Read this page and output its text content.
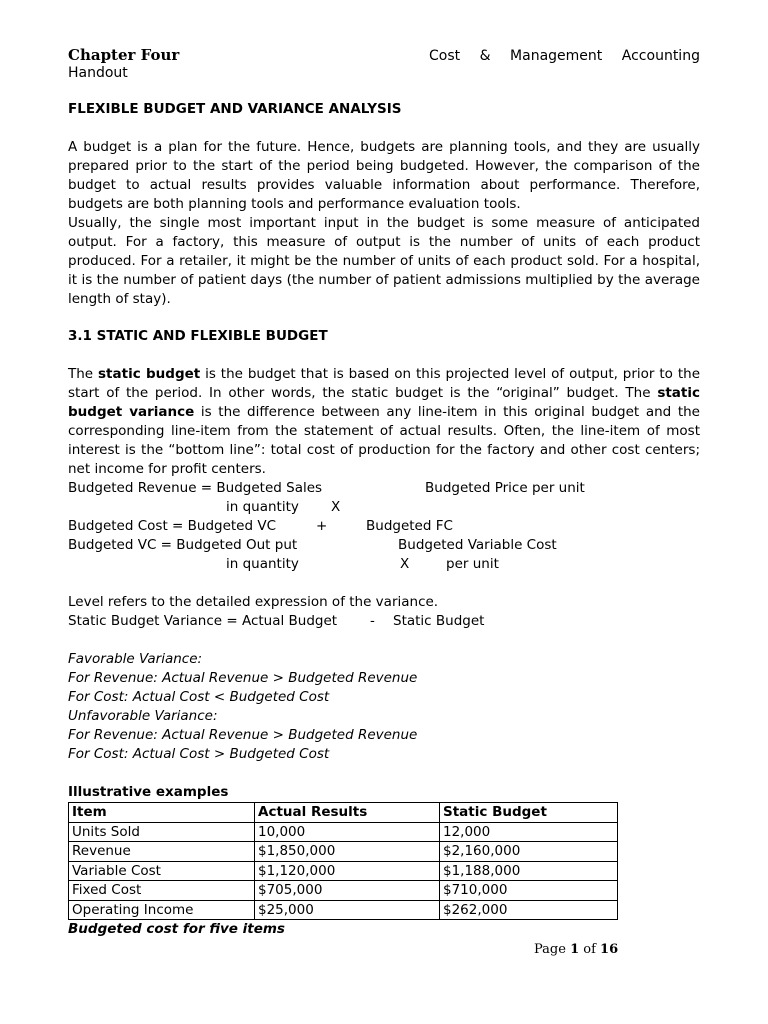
Chapter Four	Cost & Management Accounting
Handout
FLEXIBLE BUDGET AND VARIANCE ANALYSIS

A budget is a plan for the future. Hence, budgets are planning tools, and they are usually prepared prior to the start of the period being budgeted. However, the comparison of the budget to actual results provides valuable information about performance. Therefore, budgets are both planning tools and performance evaluation tools.

Usually, the single most important input in the budget is some measure of anticipated output. For a factory, this measure of output is the number of units of each product produced. For a retailer, it might be the number of units of each product sold. For a hospital, it is the number of patient days (the number of patient admissions multiplied by the average length of stay).

3.1 STATIC AND FLEXIBLE BUDGET

The static budget is the budget that is based on this projected level of output, prior to the start of the period. In other words, the static budget is the “original” budget. The static budget variance is the difference between any line-item in this original budget and the corresponding line-item from the statement of actual results. Often, the line-item of most interest is the “bottom line”: total cost of production for the factory and other cost centers; net income for profit centers.

Budgeted Revenue = Budgeted Sales

	Budgeted Price per unit

in quantity

X

Budgeted Cost = Budgeted VC

	+

	Budgeted FC

Budgeted VC = Budgeted Out put

	Budgeted Variable Cost

in quantity

	X

	per unit

Level refers to the detailed expression of the variance.

Static Budget Variance = Actual Budget

-

Static Budget

Favorable Variance:
For Revenue: Actual Revenue > Budgeted Revenue
For Cost: Actual Cost < Budgeted Cost
Unfavorable Variance:
For Revenue: Actual Revenue > Budgeted Revenue
For Cost: Actual Cost > Budgeted Cost
Illustrative examples
Item	Actual Results	Static Budget
Units Sold	10,000	12,000
Revenue	$1,850,000	$2,160,000
Variable Cost	$1,120,000	$1,188,000
Fixed Cost	$705,000	$710,000
Operating Income	$25,000	$262,000
Budgeted cost for five items
Page 1 of 16
